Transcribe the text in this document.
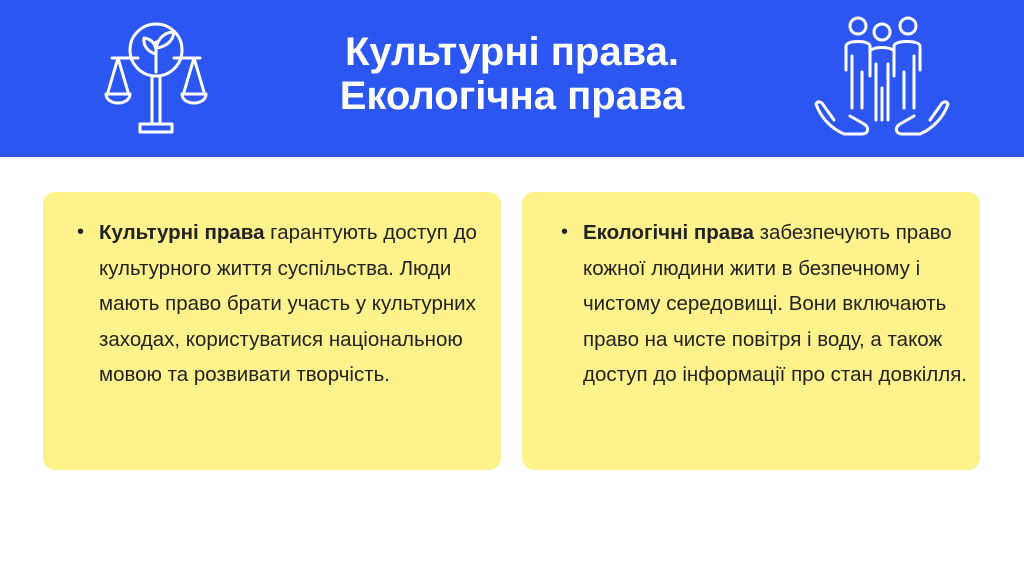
Культурні права.
Екологічна права
• Культурні права гарантують доступ до культурного життя суспільства. Люди мають право брати участь у культурних заходах, користуватися національною мовою та розвивати творчість.
• Екологічні права забезпечують право кожної людини жити в безпечному і чистому середовищі. Вони включають право на чисте повітря і воду, а також доступ до інформації про стан довкілля.
